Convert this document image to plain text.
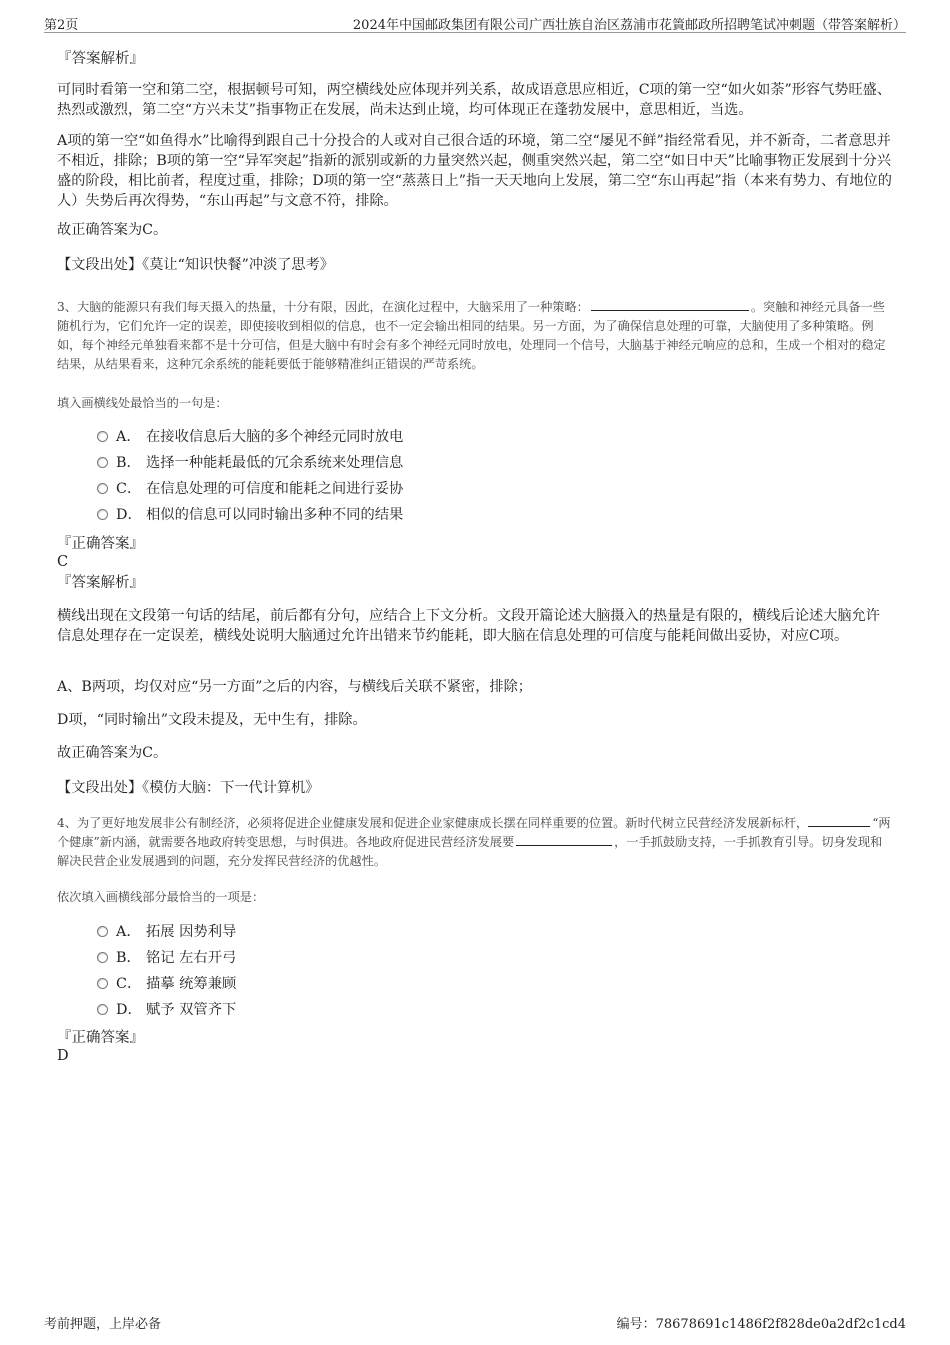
第2页	2024年中国邮政集团有限公司广西壮族自治区荔浦市花篢邮政所招聘笔试冲刺题（带答案解析）
『答案解析』
可同时看第一空和第二空，根据顿号可知，两空横线处应体现并列关系，故成语意思应相近，C项的第一空“如火如荼”形容气势旺盛、热烈或激烈，第二空“方兴未艾”指事物正在发展，尚未达到止境，均可体现正在蓬勃发展中，意思相近，当选。
A项的第一空“如鱼得水”比喻得到跟自己十分投合的人或对自己很合适的环境，第二空“屡见不鲜”指经常看见，并不新奇，二者意思并不相近，排除；B项的第一空“异军突起”指新的派别或新的力量突然兴起，侧重突然兴起，第二空“如日中天”比喻事物正发展到十分兴盛的阶段，相比前者，程度过重，排除；D项的第一空“蒸蒸日上”指一天天地向上发展，第二空“东山再起”指（本来有势力、有地位的人）失势后再次得势，“东山再起”与文意不符，排除。
故正确答案为C。
【文段出处】《莫让“知识快餐”冲淡了思考》
3、大脑的能源只有我们每天摄入的热量，十分有限，因此，在演化过程中，大脑采用了一种策略：	。突触和神经元具备一些随机行为，它们允许一定的误差，即使接收到相似的信息，也不一定会输出相同的结果。另一方面，为了确保信息处理的可靠，大脑使用了多种策略。例如，每个神经元单独看来都不是十分可信，但是大脑中有时会有多个神经元同时放电，处理同一个信号，大脑基于神经元响应的总和，生成一个相对的稳定结果，从结果看来，这种冗余系统的能耗要低于能够精准纠正错误的严苛系统。
填入画横线处最恰当的一句是：
A． 在接收信息后大脑的多个神经元同时放电
B． 选择一种能耗最低的冗余系统来处理信息
C． 在信息处理的可信度和能耗之间进行妥协
D． 相似的信息可以同时输出多种不同的结果
『正确答案』
C
『答案解析』
横线出现在文段第一句话的结尾，前后都有分句，应结合上下文分析。文段开篇论述大脑摄入的热量是有限的，横线后论述大脑允许信息处理存在一定误差，横线处说明大脑通过允许出错来节约能耗，即大脑在信息处理的可信度与能耗间做出妥协，对应C项。
A、B两项，均仅对应“另一方面”之后的内容，与横线后关联不紧密，排除；
D项，“同时输出”文段未提及，无中生有，排除。
故正确答案为C。
【文段出处】《模仿大脑：下一代计算机》
4、为了更好地发展非公有制经济，必须将促进企业健康发展和促进企业家健康成长摆在同样重要的位置。新时代树立民营经济发展新标杆，	“两个健康”新内涵，就需要各地政府转变思想，与时俱进。各地政府促进民营经济发展要	，一手抓鼓励支持，一手抓教育引导。切身发现和解决民营企业发展遇到的问题，充分发挥民营经济的优越性。
依次填入画横线部分最恰当的一项是：
A． 拓展 因势利导
B． 铭记 左右开弓
C． 描摹 统筹兼顾
D． 赋予 双管齐下
『正确答案』
D
考前押题，上岸必备	编号：78678691c1486f2f828de0a2df2c1cd4
